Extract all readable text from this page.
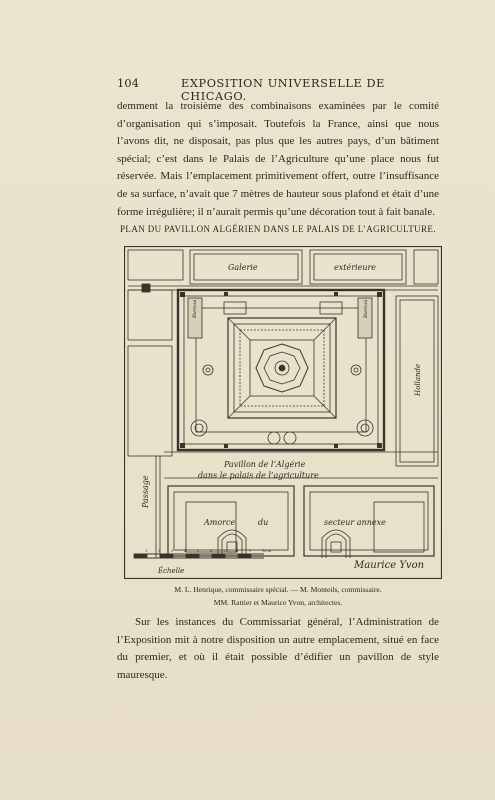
104	EXPOSITION UNIVERSELLE DE CHICAGO.
demment la troisième des combinaisons examinées par le comité d’organisation qui s’imposait. Toutefois la France, ainsi que nous l’avons dit, ne disposait, pas plus que les autres pays, d’un bâtiment spécial; c’est dans le Palais de l’Agriculture qu’une place nous fut réservée. Mais l’emplacement primitivement offert, outre l’insuffisance de sa surface, n’avait que 7 mètres de hauteur sous plafond et était d’une forme irrégulière; il n’aurait permis qu’une décoration tout à fait banale.
PLAN DU PAVILLON ALGÉRIEN DANS LE PALAIS DE L’AGRICULTURE.
Galerie	extérieure
Bureau	Bureau
Hollande
Passage
Pavillon de l’Algérie
dans le palais de l’agriculture
Amorce	du	secteur annexe
Échelle	Maurice Yvon
1	2	3	4	5	6	7	8	9	10 m
M. L. Henrique, commissaire spécial. — M. Monteils, commissaire.
MM. Rattier et Maurice Yvon, architectes.
Sur les instances du Commissariat général, l’Administration de l’Exposition mit à notre disposition un autre emplacement, situé en face du premier, et où il était possible d’édifier un pavillon de style mauresque.
